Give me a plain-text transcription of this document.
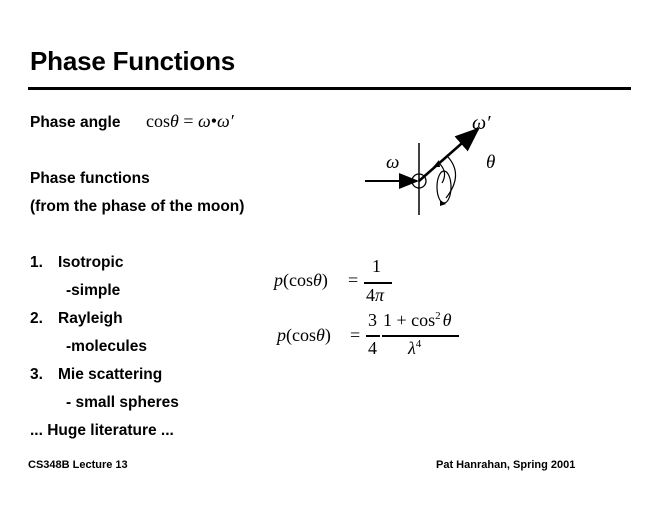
Phase Functions
Phase angle cosθ = ω•ω′
Phase functions
(from the phase of the moon)
1. Isotropic
-simple
2. Rayleigh
-molecules
3. Mie scattering
- small spheres
... Huge literature ...
ω
ω′
θ
p(cosθ) =
1
4π
p(cosθ) =
3
4
$1 + \cos^2 \theta$
$\lambda^4$
CS348B Lecture 13	Pat Hanrahan, Spring 2001
